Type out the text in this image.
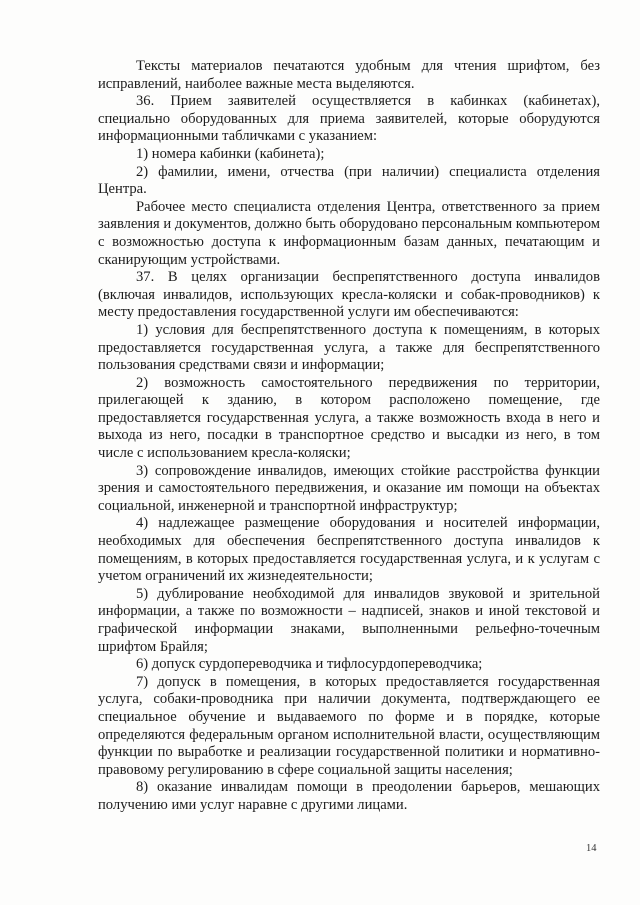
Тексты материалов печатаются удобным для чтения шрифтом, без исправлений, наиболее важные места выделяются.

36. Прием заявителей осуществляется в кабинках (кабинетах), специально оборудованных для приема заявителей, которые оборудуются информационными табличками с указанием:

1) номера кабинки (кабинета);

2) фамилии, имени, отчества (при наличии) специалиста отделения Центра.

Рабочее место специалиста отделения Центра, ответственного за прием заявления и документов, должно быть оборудовано персональным компьютером с возможностью доступа к информационным базам данных, печатающим и сканирующим устройствами.

37. В целях организации беспрепятственного доступа инвалидов (включая инвалидов, использующих кресла-коляски и собак-проводников) к месту предоставления государственной услуги им обеспечиваются:

1) условия для беспрепятственного доступа к помещениям, в которых предоставляется государственная услуга, а также для беспрепятственного пользования средствами связи и информации;

2) возможность самостоятельного передвижения по территории, прилегающей к зданию, в котором расположено помещение, где предоставляется государственная услуга, а также возможность входа в него и выхода из него, посадки в транспортное средство и высадки из него, в том числе с использованием кресла-коляски;

3) сопровождение инвалидов, имеющих стойкие расстройства функции зрения и самостоятельного передвижения, и оказание им помощи на объектах социальной, инженерной и транспортной инфраструктур;

4) надлежащее размещение оборудования и носителей информации, необходимых для обеспечения беспрепятственного доступа инвалидов к помещениям, в которых предоставляется государственная услуга, и к услугам с учетом ограничений их жизнедеятельности;

5) дублирование необходимой для инвалидов звуковой и зрительной информации, а также по возможности – надписей, знаков и иной текстовой и графической информации знаками, выполненными рельефно-точечным шрифтом Брайля;

6) допуск сурдопереводчика и тифлосурдопереводчика;

7) допуск в помещения, в которых предоставляется государственная услуга, собаки-проводника при наличии документа, подтверждающего ее специальное обучение и выдаваемого по форме и в порядке, которые определяются федеральным органом исполнительной власти, осуществляющим функции по выработке и реализации государственной политики и нормативно-правовому регулированию в сфере социальной защиты населения;

8) оказание инвалидам помощи в преодолении барьеров, мешающих получению ими услуг наравне с другими лицами.

14
